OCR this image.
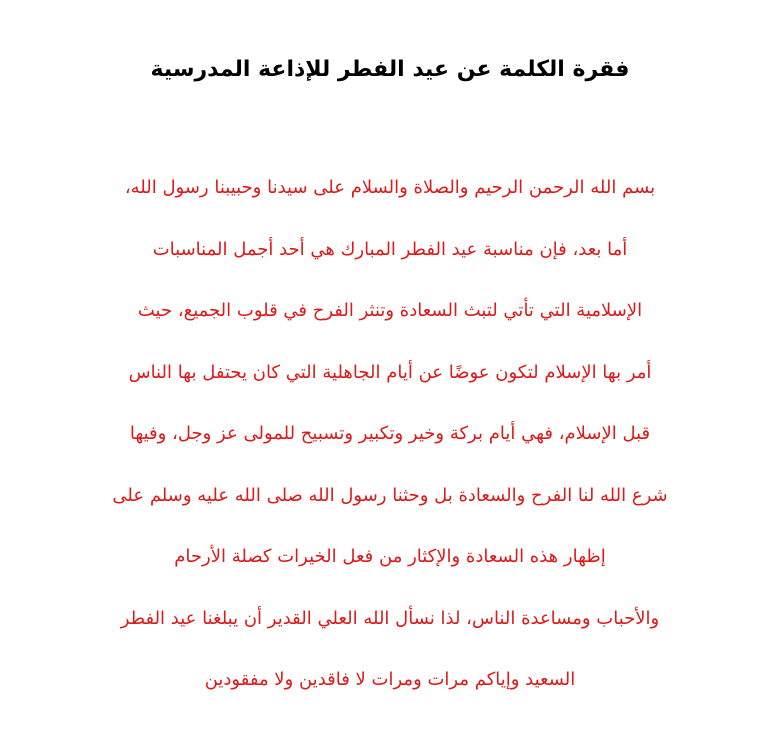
فقرة الكلمة عن عيد الفطر للإذاعة المدرسية
بسم الله الرحمن الرحيم والصلاة والسلام على سيدنا وحبيبنا رسول الله،
أما بعد، فإن مناسبة عيد الفطر المبارك هي أحد أجمل المناسبات
الإسلامية التي تأتي لتبث السعادة وتنثر الفرح في قلوب الجميع، حيث
أمر بها الإسلام لتكون عوضًا عن أيام الجاهلية التي كان يحتفل بها الناس
قبل الإسلام، فهي أيام بركة وخير وتكبير وتسبيح للمولى عز وجل، وفيها
شرع الله لنا الفرح والسعادة بل وحثنا رسول الله صلى الله عليه وسلم على
إظهار هذه السعادة والإكثار من فعل الخيرات كصلة الأرحام
والأحباب ومساعدة الناس، لذا نسأل الله العلي القدير أن يبلغنا عيد الفطر
السعيد وإياكم مرات ومرات لا فاقدين ولا مفقودين
